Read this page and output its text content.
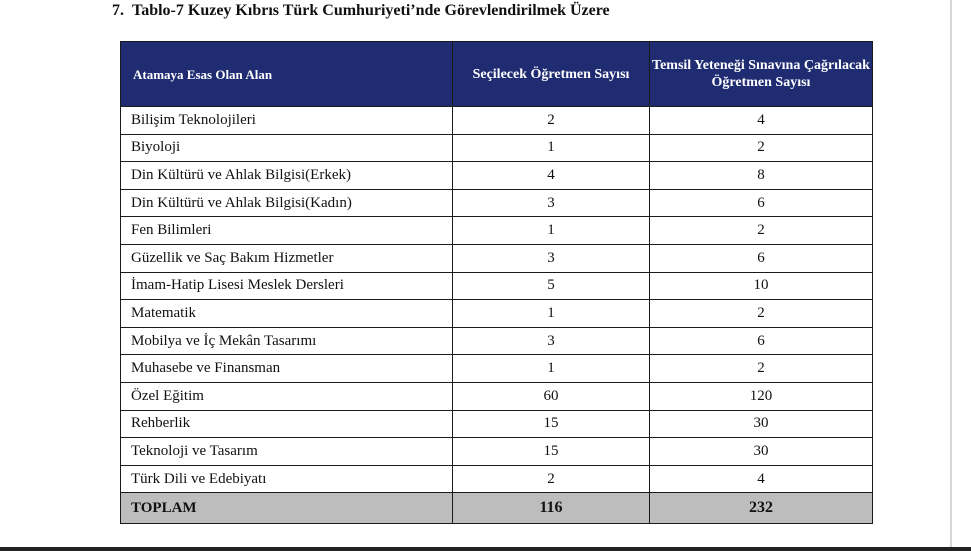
7. Tablo-7 Kuzey Kıbrıs Türk Cumhuriyeti’nde Görevlendirilmek Üzere
Atamaya Esas Olan Alan	Seçilecek Öğretmen Sayısı	Temsil Yeteneği Sınavına Çağrılacak Öğretmen Sayısı
Bilişim Teknolojileri	2	4
Biyoloji	1	2
Din Kültürü ve Ahlak Bilgisi(Erkek)	4	8
Din Kültürü ve Ahlak Bilgisi(Kadın)	3	6
Fen Bilimleri	1	2
Güzellik ve Saç Bakım Hizmetler	3	6
İmam-Hatip Lisesi Meslek Dersleri	5	10
Matematik	1	2
Mobilya ve İç Mekân Tasarımı	3	6
Muhasebe ve Finansman	1	2
Özel Eğitim	60	120
Rehberlik	15	30
Teknoloji ve Tasarım	15	30
Türk Dili ve Edebiyatı	2	4
TOPLAM	116	232
